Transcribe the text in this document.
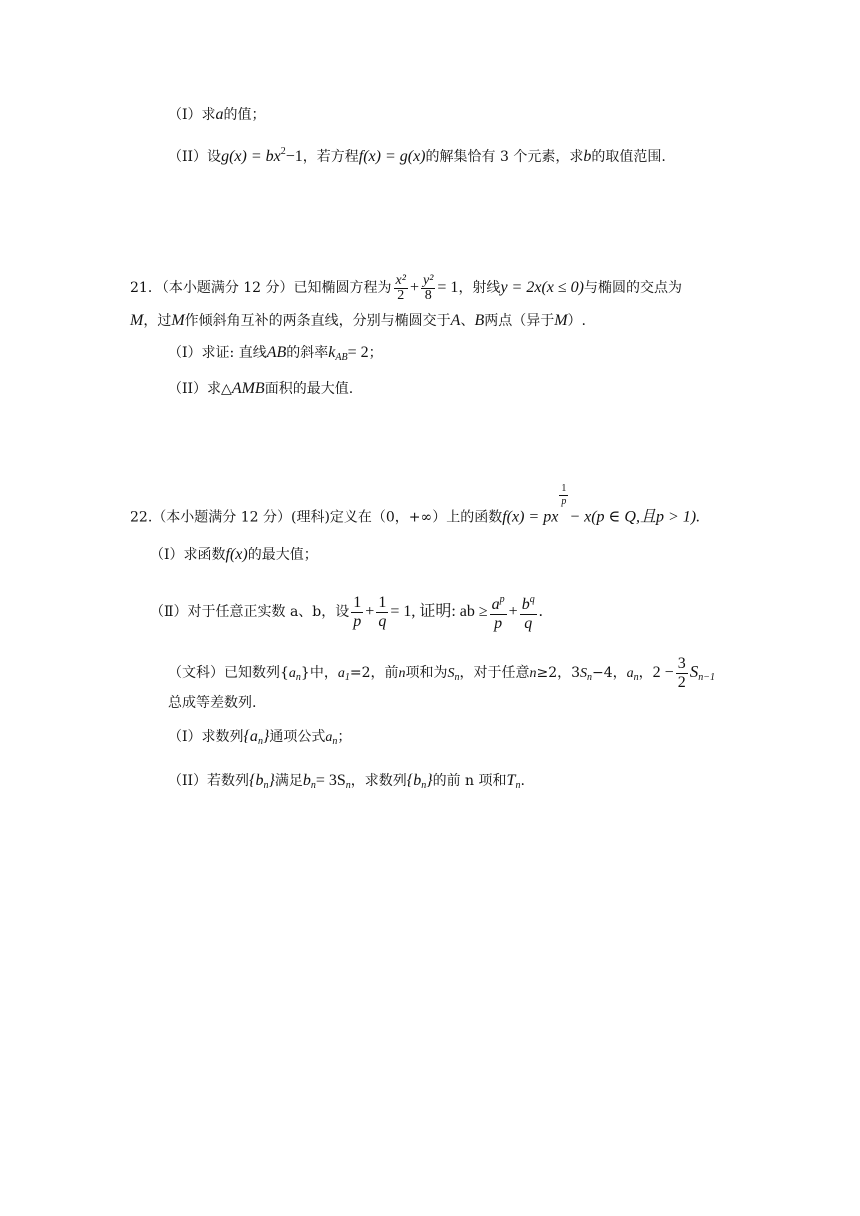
（I）求a的值；
（II）设$g(x) = bx^2-1$，若方程f(x) = g(x)的解集恰有 3 个元素，求b的取值范围.
21．（本小题满分 12 分）已知椭圆方程为 $\frac{\text{x²}}{2} + \frac{\text{y²}}{8} = 1$，射线y = 2x(x ≤ 0)与椭圆的交点为
M，过M作倾斜角互补的两条直线，分别与椭圆交于A、B两点（异于M）.
（I）求证: 直线AB的斜率$k_{AB}= 2$；
（II）求△AMB面积的最大值.
22.（本小题满分 12 分）(理科)定义在（0，+∞）上的函数f(x) = px
$\frac{1}{p}$
− x(p ∈ Q,且p > 1).
（Ⅰ）求函数f(x)的最大值；
（Ⅱ）对于任意正实数 a、b，设 $\frac{1}{p} + \frac{1}{q} = 1$, 证明: ab ≥ $\frac{a^p}{p} + \frac{b^q}{q}$ .
（文科）已知数列$\{a_n\}$中，$a_1=2$，前n项和为$S_n$，对于任意n≥2，$3S_n-4$，$a_n$，$2 - \frac{3}{2} S_{n-1}$
总成等差数列.
（I）求数列$\{a_n\}$通项公式$a_n$；
（II）若数列$\{b_n\}$满足$b_n= 3S_n$，求数列$\{b_n\}$的前 n 项和$T_n$.
